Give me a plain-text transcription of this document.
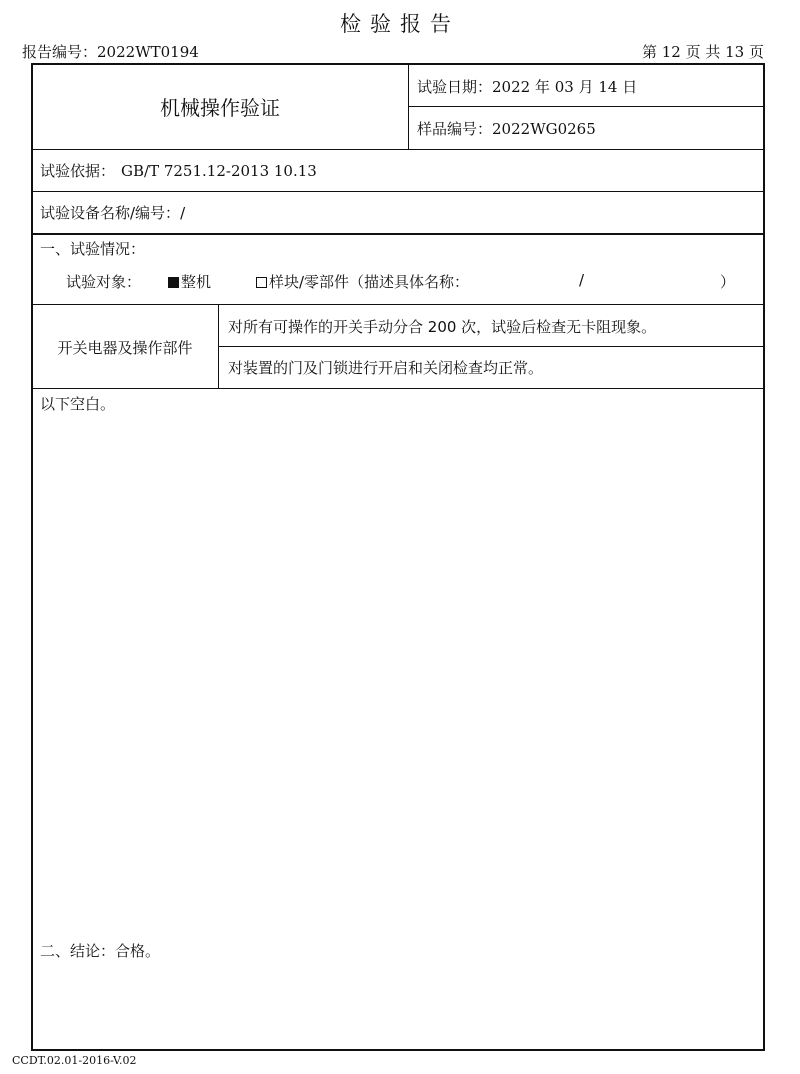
检验报告
报告编号：2022WT0194	第 12 页 共 13 页
机械操作验证
试验日期：2022 年 03 月 14 日
样品编号：2022WG0265
试验依据： GB/T 7251.12-2013 10.13
试验设备名称/编号：/
一、试验情况：
试验对象：	整机	样块/零部件（描述具体名称：	/	）
开关电器及操作部件
对所有可操作的开关手动分合 200 次，试验后检查无卡阻现象。
对装置的门及门锁进行开启和关闭检查均正常。
以下空白。
二、结论：合格。
CCDT.02.01-2016-V.02
